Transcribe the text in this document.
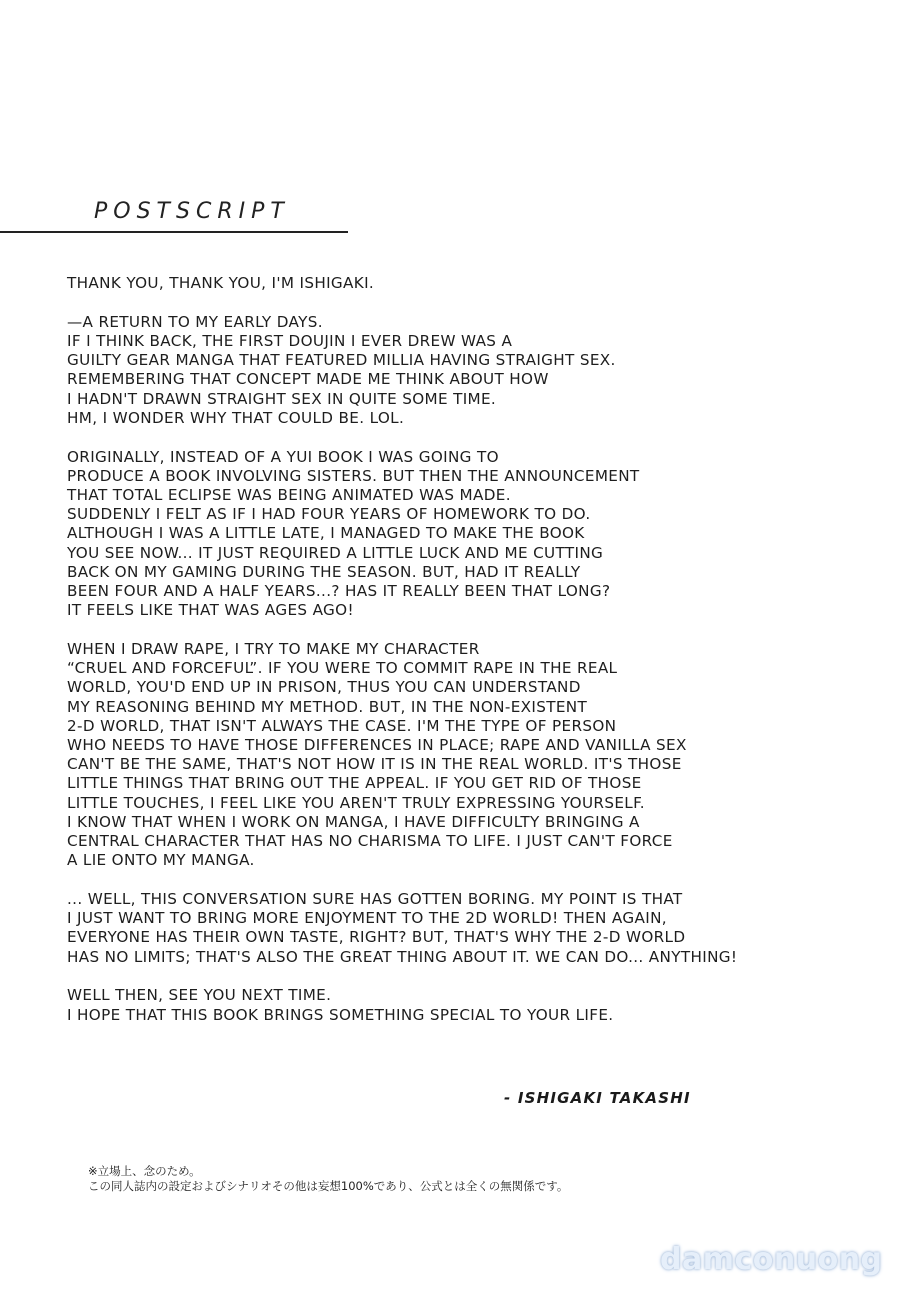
POSTSCRIPT
THANK YOU, THANK YOU, I'M ISHIGAKI.
—A RETURN TO MY EARLY DAYS.
IF I THINK BACK, THE FIRST DOUJIN I EVER DREW WAS A
GUILTY GEAR MANGA THAT FEATURED MILLIA HAVING STRAIGHT SEX.
REMEMBERING THAT CONCEPT MADE ME THINK ABOUT HOW
I HADN'T DRAWN STRAIGHT SEX IN QUITE SOME TIME.
HM, I WONDER WHY THAT COULD BE. LOL.
ORIGINALLY, INSTEAD OF A YUI BOOK I WAS GOING TO
PRODUCE A BOOK INVOLVING SISTERS. BUT THEN THE ANNOUNCEMENT
THAT TOTAL ECLIPSE WAS BEING ANIMATED WAS MADE.
SUDDENLY I FELT AS IF I HAD FOUR YEARS OF HOMEWORK TO DO.
ALTHOUGH I WAS A LITTLE LATE, I MANAGED TO MAKE THE BOOK
YOU SEE NOW... IT JUST REQUIRED A LITTLE LUCK AND ME CUTTING
BACK ON MY GAMING DURING THE SEASON. BUT, HAD IT REALLY
BEEN FOUR AND A HALF YEARS...? HAS IT REALLY BEEN THAT LONG?
IT FEELS LIKE THAT WAS AGES AGO!
WHEN I DRAW RAPE, I TRY TO MAKE MY CHARACTER
“CRUEL AND FORCEFUL”. IF YOU WERE TO COMMIT RAPE IN THE REAL
WORLD, YOU'D END UP IN PRISON, THUS YOU CAN UNDERSTAND
MY REASONING BEHIND MY METHOD. BUT, IN THE NON-EXISTENT
2-D WORLD, THAT ISN'T ALWAYS THE CASE. I'M THE TYPE OF PERSON
WHO NEEDS TO HAVE THOSE DIFFERENCES IN PLACE; RAPE AND VANILLA SEX
CAN'T BE THE SAME, THAT'S NOT HOW IT IS IN THE REAL WORLD. IT'S THOSE
LITTLE THINGS THAT BRING OUT THE APPEAL. IF YOU GET RID OF THOSE
LITTLE TOUCHES, I FEEL LIKE YOU AREN'T TRULY EXPRESSING YOURSELF.
I KNOW THAT WHEN I WORK ON MANGA, I HAVE DIFFICULTY BRINGING A
CENTRAL CHARACTER THAT HAS NO CHARISMA TO LIFE. I JUST CAN'T FORCE
A LIE ONTO MY MANGA.
... WELL, THIS CONVERSATION SURE HAS GOTTEN BORING. MY POINT IS THAT
I JUST WANT TO BRING MORE ENJOYMENT TO THE 2D WORLD! THEN AGAIN,
EVERYONE HAS THEIR OWN TASTE, RIGHT? BUT, THAT'S WHY THE 2-D WORLD
HAS NO LIMITS; THAT'S ALSO THE GREAT THING ABOUT IT. WE CAN DO... ANYTHING!
WELL THEN, SEE YOU NEXT TIME.
I HOPE THAT THIS BOOK BRINGS SOMETHING SPECIAL TO YOUR LIFE.
- ISHIGAKI TAKASHI
※立場上、念のため。
この同人誌内の設定およびシナリオその他は妄想100%であり、公式とは全くの無関係です。
damconuong
